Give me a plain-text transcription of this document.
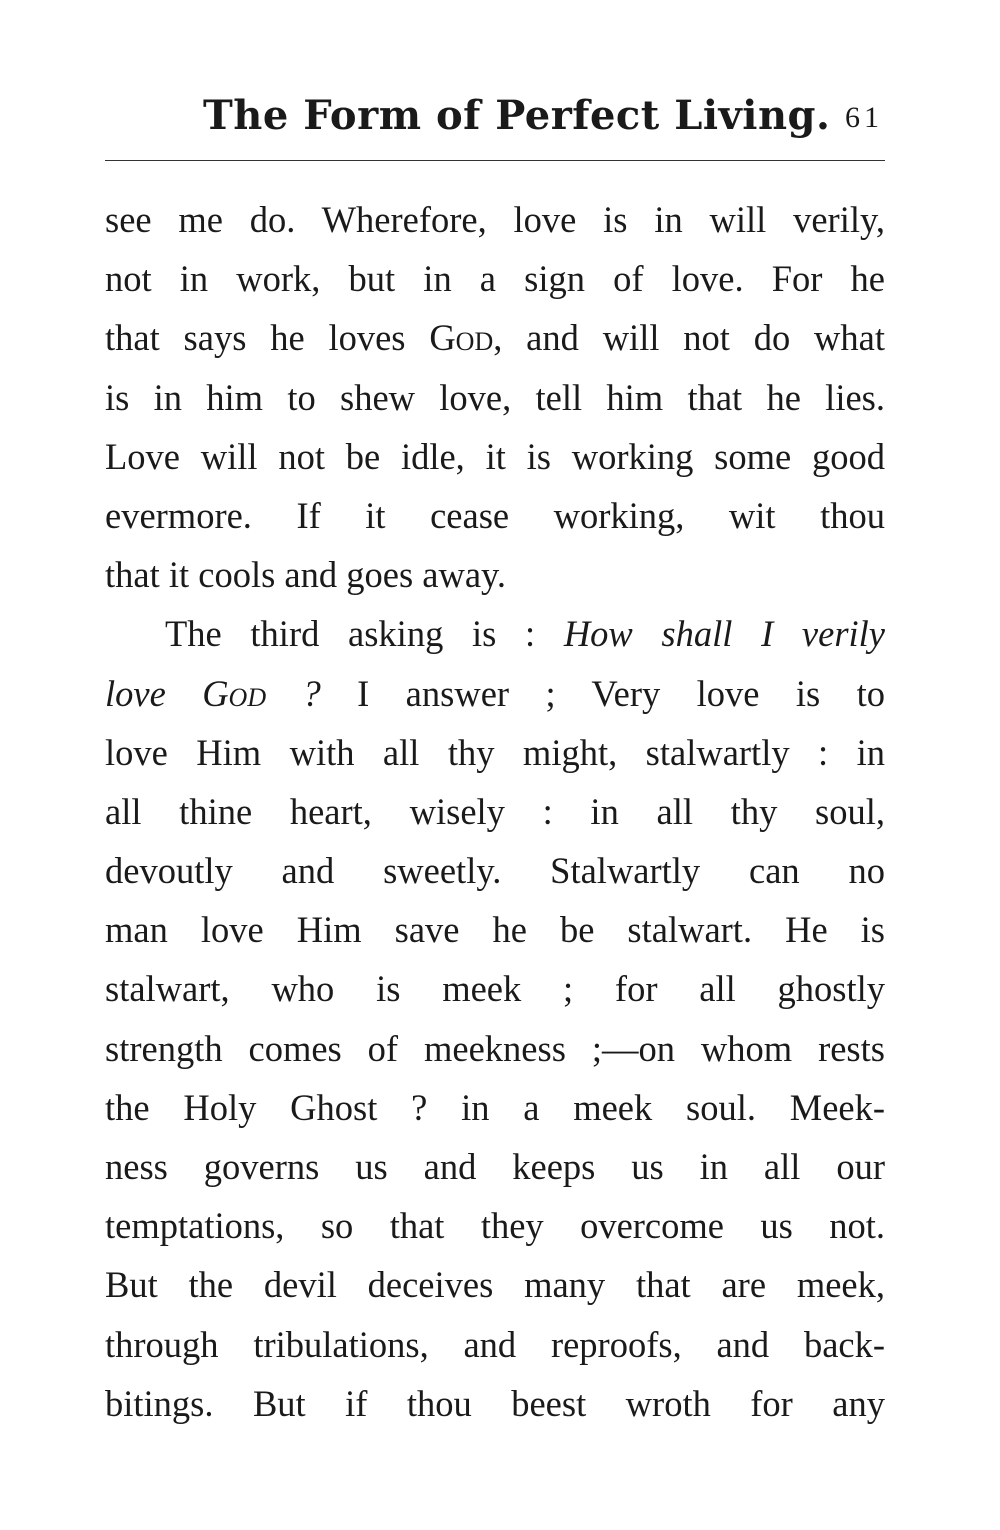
The Form of Perfect Living. 61
see me do. Wherefore, love is in will verily,
not in work, but in a sign of love. For he
that says he loves God, and will not do what
is in him to shew love, tell him that he lies.
Love will not be idle, it is working some good
evermore. If it cease working, wit thou
that it cools and goes away.
The third asking is : How shall I verily
love God ? I answer ; Very love is to
love Him with all thy might, stalwartly : in
all thine heart, wisely : in all thy soul,
devoutly and sweetly. Stalwartly can no
man love Him save he be stalwart. He is
stalwart, who is meek ; for all ghostly
strength comes of meekness ;—on whom rests
the Holy Ghost ? in a meek soul. Meek-
ness governs us and keeps us in all our
temptations, so that they overcome us not.
But the devil deceives many that are meek,
through tribulations, and reproofs, and back-
bitings. But if thou beest wroth for any
